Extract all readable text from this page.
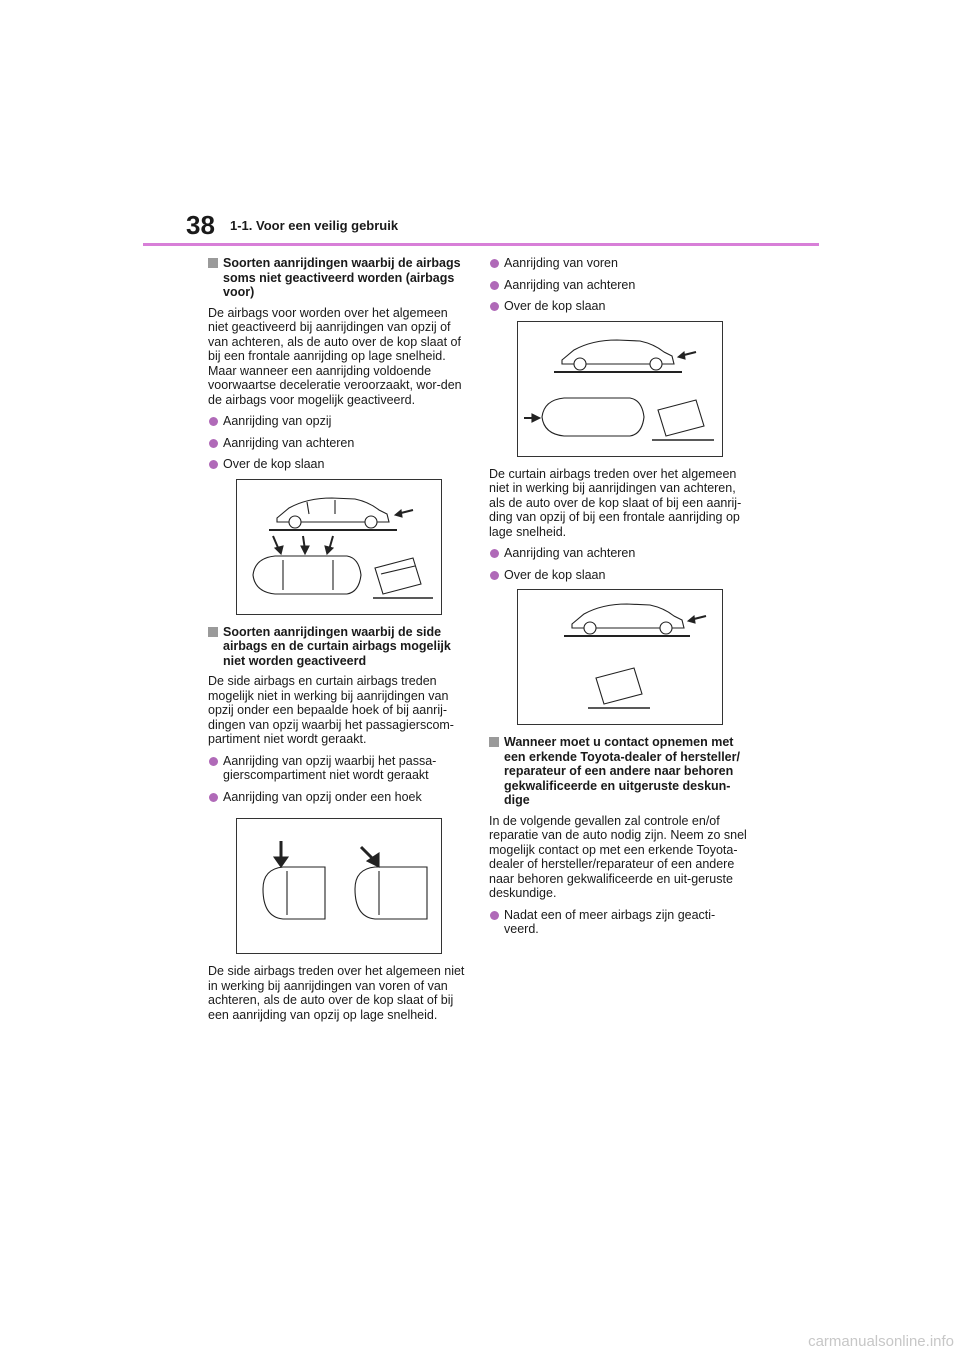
38 1-1. Voor een veilig gebruik
Soorten aanrijdingen waarbij de airbags soms niet geactiveerd worden (airbags voor)

De airbags voor worden over het algemeen niet geactiveerd bij aanrijdingen van opzij of van achteren, als de auto over de kop slaat of bij een frontale aanrijding op lage snelheid. Maar wanneer een aanrijding voldoende voorwaartse deceleratie veroorzaakt, wor-den de airbags voor mogelijk geactiveerd.

Aanrijding van opzij
Aanrijding van achteren
Over de kop slaan
Soorten aanrijdingen waarbij de side airbags en de curtain airbags mogelijk niet worden geactiveerd

De side airbags en curtain airbags treden mogelijk niet in werking bij aanrijdingen van opzij onder een bepaalde hoek of bij aanrij-dingen van opzij waarbij het passagierscom-partiment niet wordt geraakt.

Aanrijding van opzij waarbij het passa-gierscompartiment niet wordt geraakt
Aanrijding van opzij onder een hoek

De side airbags treden over het algemeen niet in werking bij aanrijdingen van voren of van achteren, als de auto over de kop slaat of bij een aanrijding van opzij op lage snelheid.

Aanrijding van voren
Aanrijding van achteren
Over de kop slaan

De curtain airbags treden over het algemeen niet in werking bij aanrijdingen van achteren, als de auto over de kop slaat of bij een aanrij-ding van opzij of bij een frontale aanrijding op lage snelheid.

Aanrijding van achteren
Over de kop slaan
Wanneer moet u contact opnemen met een erkende Toyota-dealer of hersteller/ reparateur of een andere naar behoren gekwalificeerde en uitgeruste deskun-dige

In de volgende gevallen zal controle en/of reparatie van de auto nodig zijn. Neem zo snel mogelijk contact op met een erkende Toyota-dealer of hersteller/reparateur of een andere naar behoren gekwalificeerde en uit-geruste deskundige.

Nadat een of meer airbags zijn geacti-veerd.
carmanualsonline.info
